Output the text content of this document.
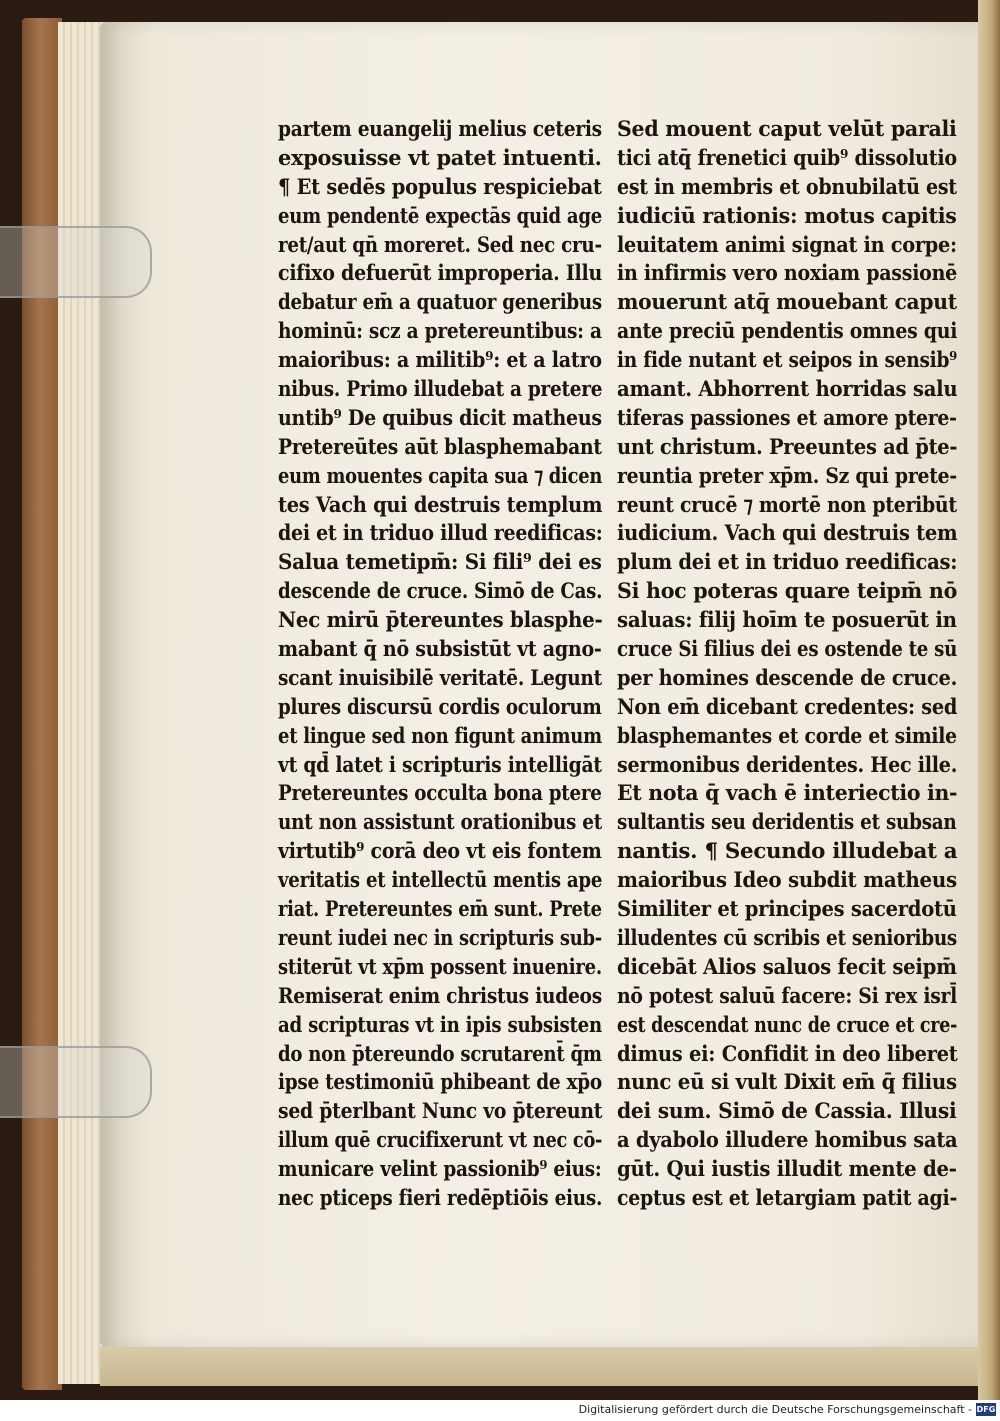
partem euangelij melius ceteris
exposuisse vt patet intuenti.
¶ Et sedēs populus respiciebat
eum pendentē expectās quid age
ret/aut qn̄ moreret. Sed nec cru-
cifixo defuerūt improperia. Illu
debatur em̄ a quatuor generibus
hominū: scz a pretereuntibus: a
maioribus: a militib⁹: et a latro
nibus. Primo illudebat a pretere
untib⁹ De quibus dicit matheus
Pretereūtes aūt blasphemabant
eum mouentes capita sua ⁊ dicen
tes Vach qui destruis templum
dei et in triduo illud reedificas:
Salua temetipm̄: Si fili⁹ dei es
descende de cruce. Simō de Cas.
Nec mirū p̄tereuntes blasphe-
mabant q̄ nō subsistūt vt agno-
scant inuisibilē veritatē. Legunt
plures discursū cordis oculorum
et lingue sed non figunt animum
vt qd̄ latet i scripturis intelligāt
Pretereuntes occulta bona ptere
unt non assistunt orationibus et
virtutib⁹ corā deo vt eis fontem
veritatis et intellectū mentis ape
riat. Pretereuntes em̄ sunt. Prete
reunt iudei nec in scripturis sub-
stiterūt vt xp̄m possent inuenire.
Remiserat enim christus iudeos
ad scripturas vt in ipis subsisten
do non p̄tereundo scrutarent̄ q̄m
ipse testimoniū phibeant de xp̄o
sed p̄terlbant Nunc vo p̄tereunt
illum quē crucifixerunt vt nec cō-
municare velint passionib⁹ eius:
nec pticeps fieri redēptiōis eius.
Sed mouent caput velūt parali
tici atq̄ frenetici quib⁹ dissolutio
est in membris et obnubilatū est
iudiciū rationis: motus capitis
leuitatem animi signat in corpe:
in infirmis vero noxiam passionē
mouerunt atq̄ mouebant caput
ante preciū pendentis omnes qui
in fide nutant et seipos in sensib⁹
amant. Abhorrent horridas salu
tiferas passiones et amore ptere-
unt christum. Preeuntes ad p̄te-
reuntia preter xp̄m. Sz qui prete-
reunt crucē ⁊ mortē non pteribūt
iudicium. Vach qui destruis tem
plum dei et in triduo reedificas:
Si hoc poteras quare teipm̄ nō
saluas: filij hoīm te posuerūt in
cruce Si filius dei es ostende te sū
per homines descende de cruce.
Non em̄ dicebant credentes: sed
blasphemantes et corde et simile
sermonibus deridentes. Hec ille.
Et nota q̄ vach ē interiectio in-
sultantis seu deridentis et subsan
nantis. ¶ Secundo illudebat a
maioribus Ideo subdit matheus
Similiter et principes sacerdotū
illudentes cū scribis et senioribus
dicebāt Alios saluos fecit seipm̄
nō potest saluū facere: Si rex isrl̄
est descendat nunc de cruce et cre-
dimus ei: Confidit in deo liberet
nunc eū si vult Dixit em̄ q̄ filius
dei sum. Simō de Cassia. Illusi
a dyabolo illudere homibus sata
gūt. Qui iustis illudit mente de-
ceptus est et letargiam patit agi-
Digitalisierung gefördert durch die Deutsche Forschungsgemeinschaft - DFG
